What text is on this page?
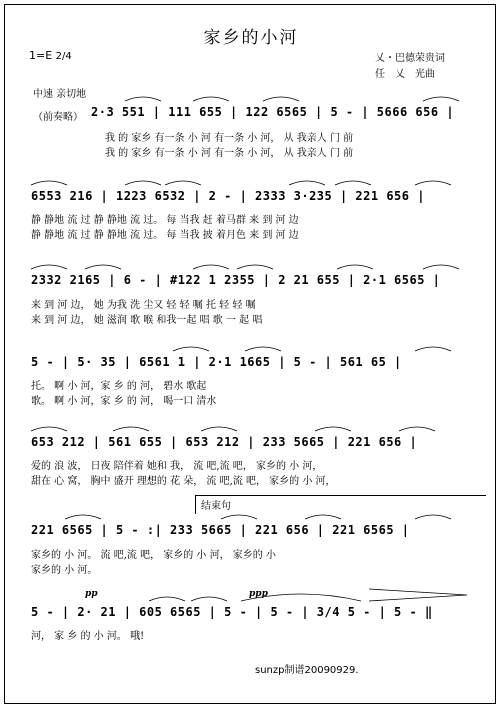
家乡的小河
1=E 2/4	乂・巴德荣贵词
任　乂　光曲
中速 亲切地
（前奏略） 2·3 551 | 111 655 | 122 6565 | 5 - | 5666 656 |
我 的 家乡 有一条 小 河 有一条 小 河， 从 我亲人 门 前
我 的 家乡 有一条 小 河 有一条 小 河， 从 我亲人 门 前
6553 216 | 1223 6532 | 2 - | 2333 3·235 | 221 656 |
静 静地 流 过 静 静地 流 过。 每 当我 赶 着马群 来 到 河 边
静 静地 流 过 静 静地 流 过。 每 当我 披 着月色 来 到 河 边
2332 2165 | 6 - | #122 1 2355 | 2 21 655 | 2·1 6565 |
来 到 河 边， 她 为我 洗 尘又 轻 轻 嘱 托 轻 轻 嘱
来 到 河 边， 她 滋润 歌 喉 和我一起 唱 歌 一 起 唱
5 - | 5· 35 | 6561 1 | 2·1 1665 | 5 - | 561 65 |
托。 啊 小 河，家 乡 的 河， 碧水 歌起
歌。 啊 小 河，家 乡 的 河， 喝一口 清水
653 212 | 561 655 | 653 212 | 233 5665 | 221 656 |
爱的 浪 波， 日夜 陪伴着 她和 我， 流 吧,流 吧， 家乡的 小 河，
甜在 心 窝， 胸中 盛开 理想的 花 朵， 流 吧,流 吧， 家乡的 小 河，
结束句
221 6565 | 5 - :| 233 5665 | 221 656 | 221 6565 |
家乡的 小 河。 流 吧,流 吧， 家乡的 小 河， 家乡的 小
家乡的 小 河。
pp	ppp
5 - | 2· 21 | 605 6565 | 5 - | 5 - | 3/4 5 - | 5 - ‖
河， 家 乡 的 小 河。 哦!
sunzp制谱20090929.
